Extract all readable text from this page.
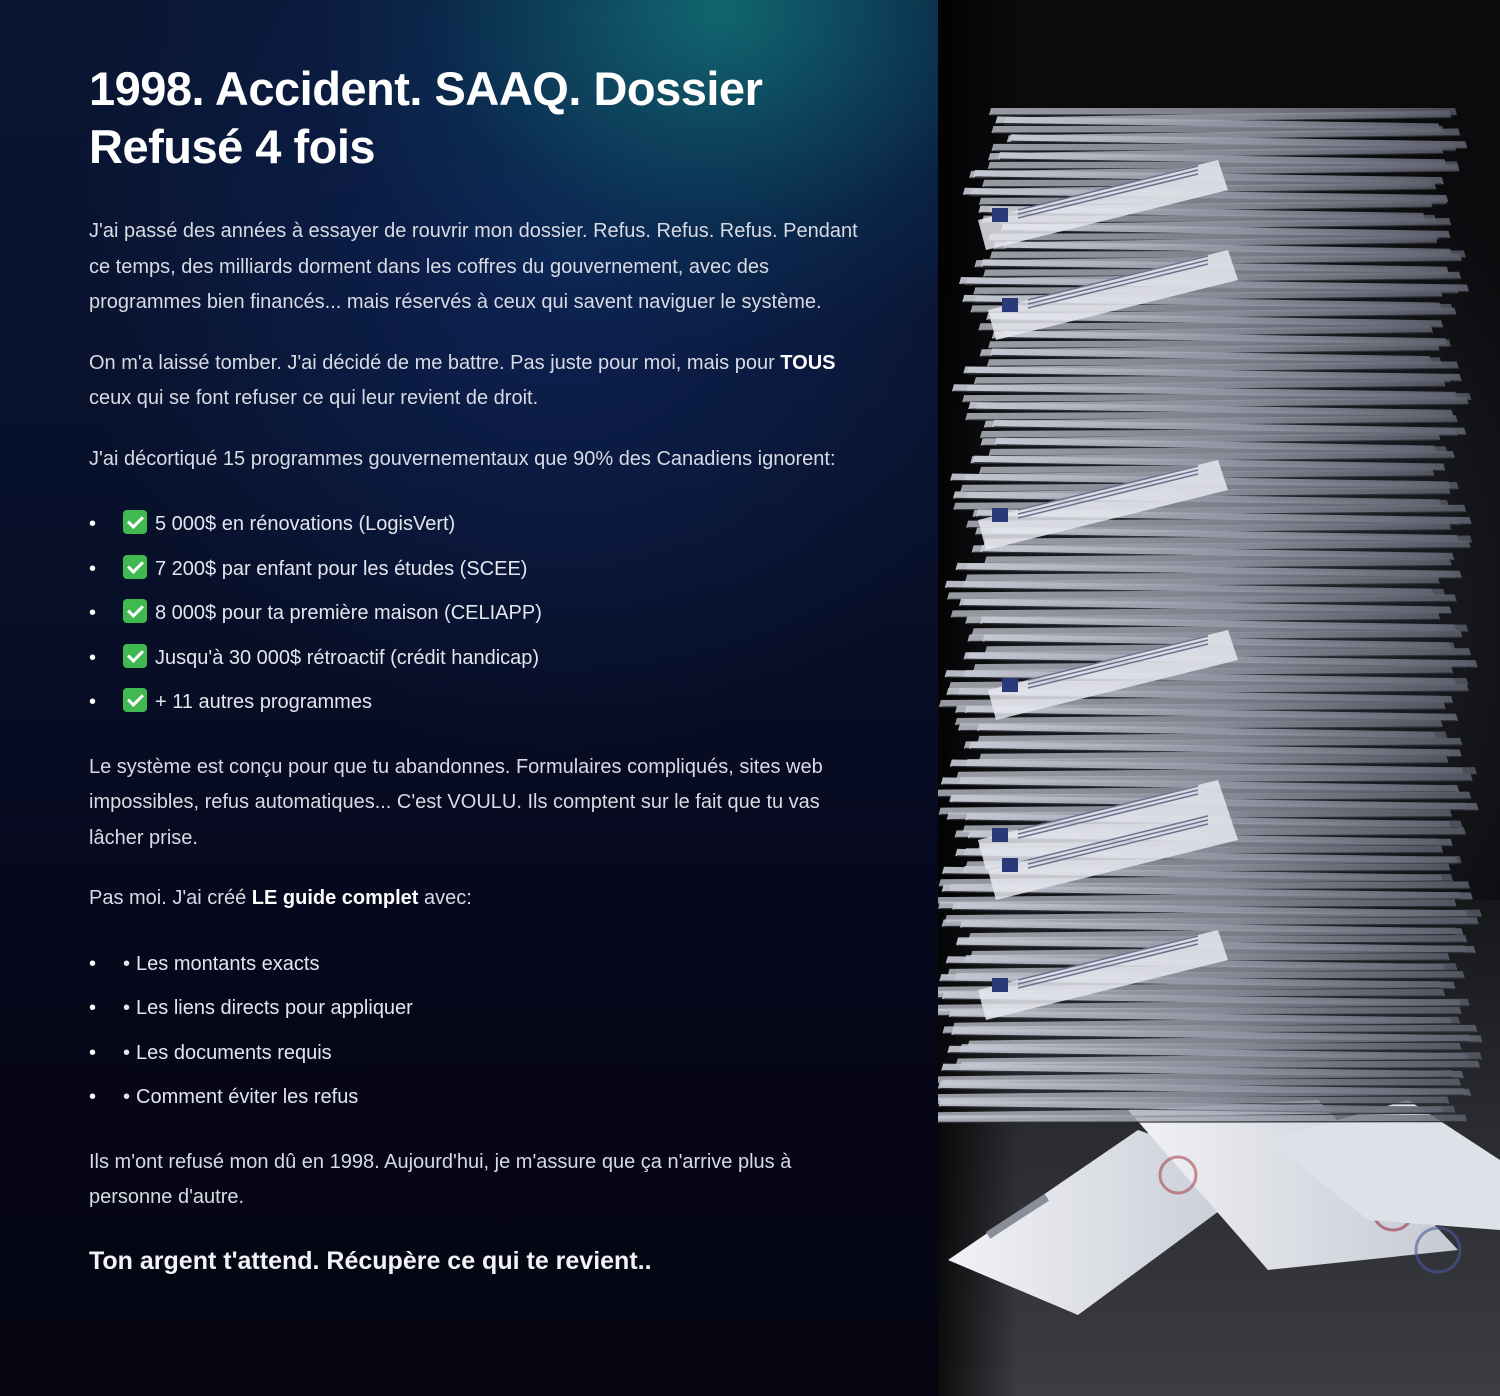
1998. Accident. SAAQ. Dossier Refusé 4 fois

J'ai passé des années à essayer de rouvrir mon dossier. Refus. Refus. Refus. Pendant ce temps, des milliards dorment dans les coffres du gouvernement, avec des programmes bien financés... mais réservés à ceux qui savent naviguer le système.

On m'a laissé tomber. J'ai décidé de me battre. Pas juste pour moi, mais pour TOUS ceux qui se font refuser ce qui leur revient de droit.

J'ai décortiqué 15 programmes gouvernementaux que 90% des Canadiens ignorent:

• 5 000$ en rénovations (LogisVert)
• 7 200$ par enfant pour les études (SCEE)
• 8 000$ pour ta première maison (CELIAPP)
• Jusqu'à 30 000$ rétroactif (crédit handicap)
• + 11 autres programmes

Le système est conçu pour que tu abandonnes. Formulaires compliqués, sites web impossibles, refus automatiques... C'est VOULU. Ils comptent sur le fait que tu vas lâcher prise.

Pas moi. J'ai créé LE guide complet avec:

• • Les montants exacts
• • Les liens directs pour appliquer
• • Les documents requis
• • Comment éviter les refus

Ils m'ont refusé mon dû en 1998. Aujourd'hui, je m'assure que ça n'arrive plus à personne d'autre.

Ton argent t'attend. Récupère ce qui te revient..
